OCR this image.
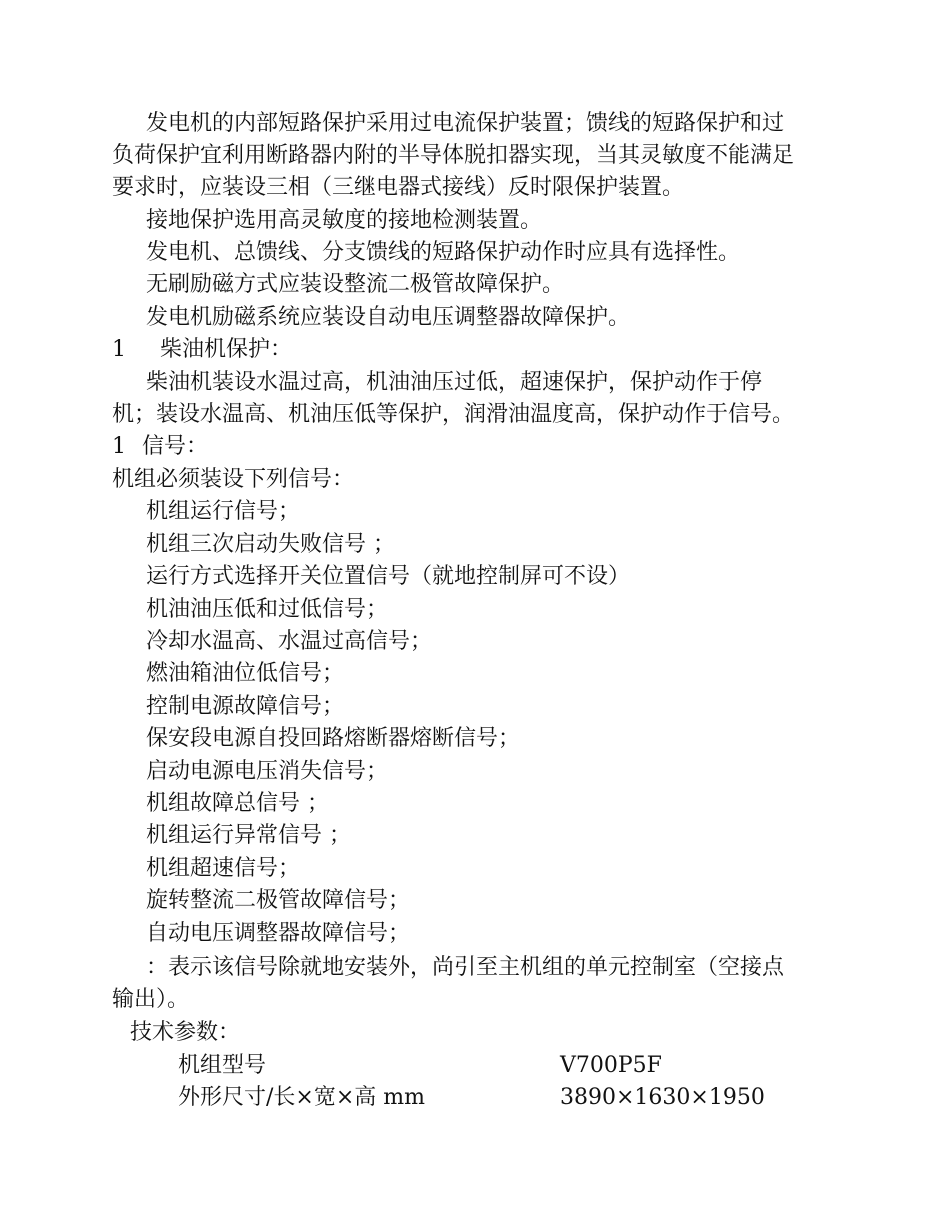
发电机的内部短路保护采用过电流保护装置；馈线的短路保护和过
负荷保护宜利用断路器内附的半导体脱扣器实现，当其灵敏度不能满足
要求时，应装设三相（三继电器式接线）反时限保护装置。
接地保护选用高灵敏度的接地检测装置。
发电机、总馈线、分支馈线的短路保护动作时应具有选择性。
无刷励磁方式应装设整流二极管故障保护。
发电机励磁系统应装设自动电压调整器故障保护。
1 柴油机保护：
柴油机装设水温过高，机油油压过低，超速保护，保护动作于停
机；装设水温高、机油压低等保护，润滑油温度高，保护动作于信号。
1 信号：
机组必须装设下列信号：
机组运行信号；
机组三次启动失败信号 ；
运行方式选择开关位置信号（就地控制屏可不设）
机油油压低和过低信号；
冷却水温高、水温过高信号；
燃油箱油位低信号；
控制电源故障信号；
保安段电源自投回路熔断器熔断信号；
启动电源电压消失信号；
机组故障总信号 ；
机组运行异常信号 ；
机组超速信号；
旋转整流二极管故障信号；
自动电压调整器故障信号；
：表示该信号除就地安装外，尚引至主机组的单元控制室（空接点
输出）。
技术参数：
机组型号	V700P5F
外形尺寸/长×宽×高 mm	3890×1630×1950
